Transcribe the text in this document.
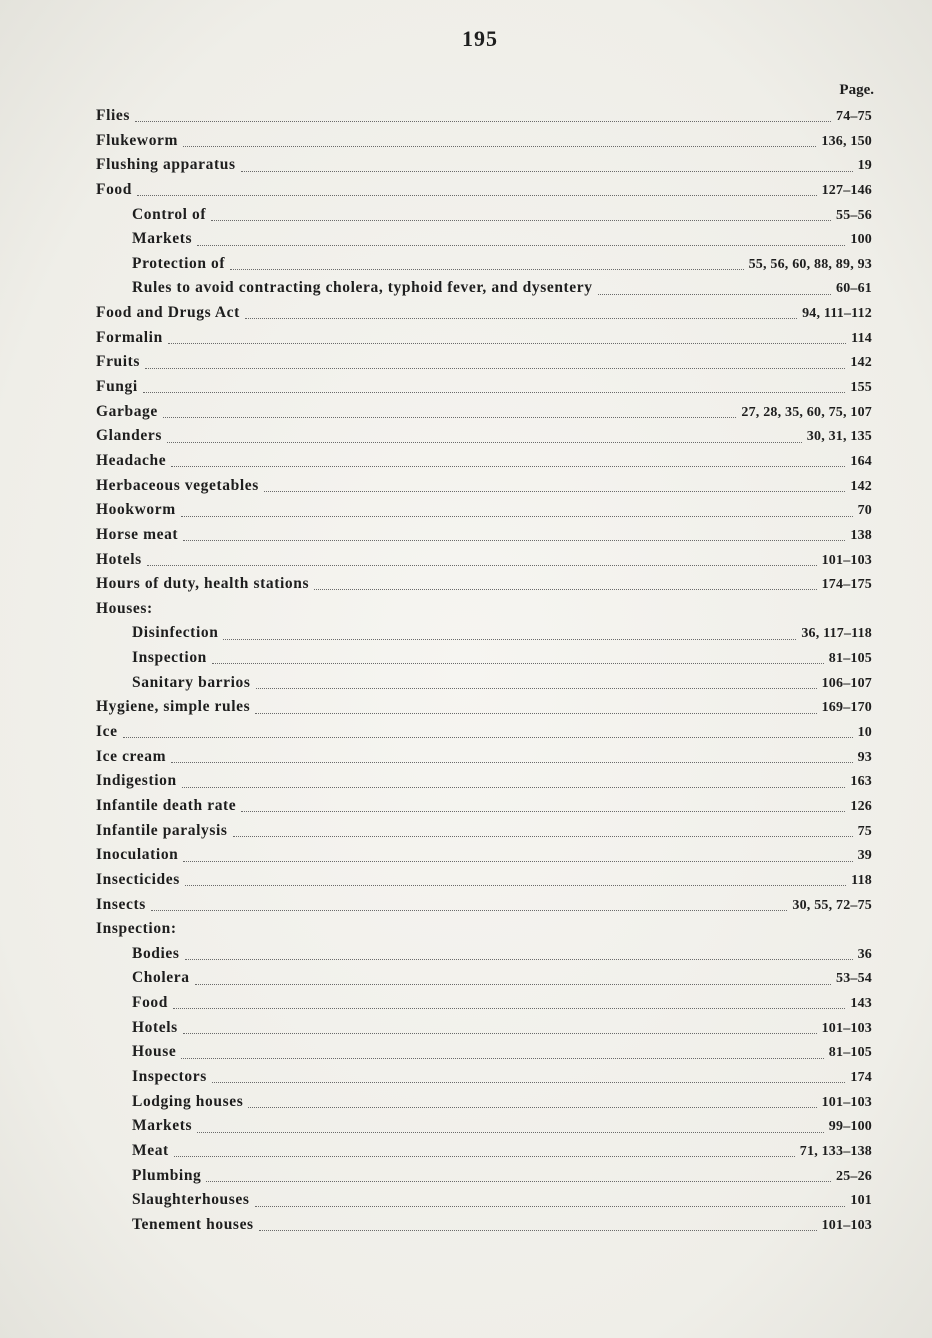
195
Page.
Flies	74–75
Flukeworm	136, 150
Flushing apparatus	19
Food	127–146
Control of	55–56
Markets	100
Protection of	55, 56, 60, 88, 89, 93
Rules to avoid contracting cholera, typhoid fever, and dysentery	60–61
Food and Drugs Act	94, 111–112
Formalin	114
Fruits	142
Fungi	155
Garbage	27, 28, 35, 60, 75, 107
Glanders	30, 31, 135
Headache	164
Herbaceous vegetables	142
Hookworm	70
Horse meat	138
Hotels	101–103
Hours of duty, health stations	174–175
Houses:
Disinfection	36, 117–118
Inspection	81–105
Sanitary barrios	106–107
Hygiene, simple rules	169–170
Ice	10
Ice cream	93
Indigestion	163
Infantile death rate	126
Infantile paralysis	75
Inoculation	39
Insecticides	118
Insects	30, 55, 72–75
Inspection:
Bodies	36
Cholera	53–54
Food	143
Hotels	101–103
House	81–105
Inspectors	174
Lodging houses	101–103
Markets	99–100
Meat	71, 133–138
Plumbing	25–26
Slaughterhouses	101
Tenement houses	101–103
